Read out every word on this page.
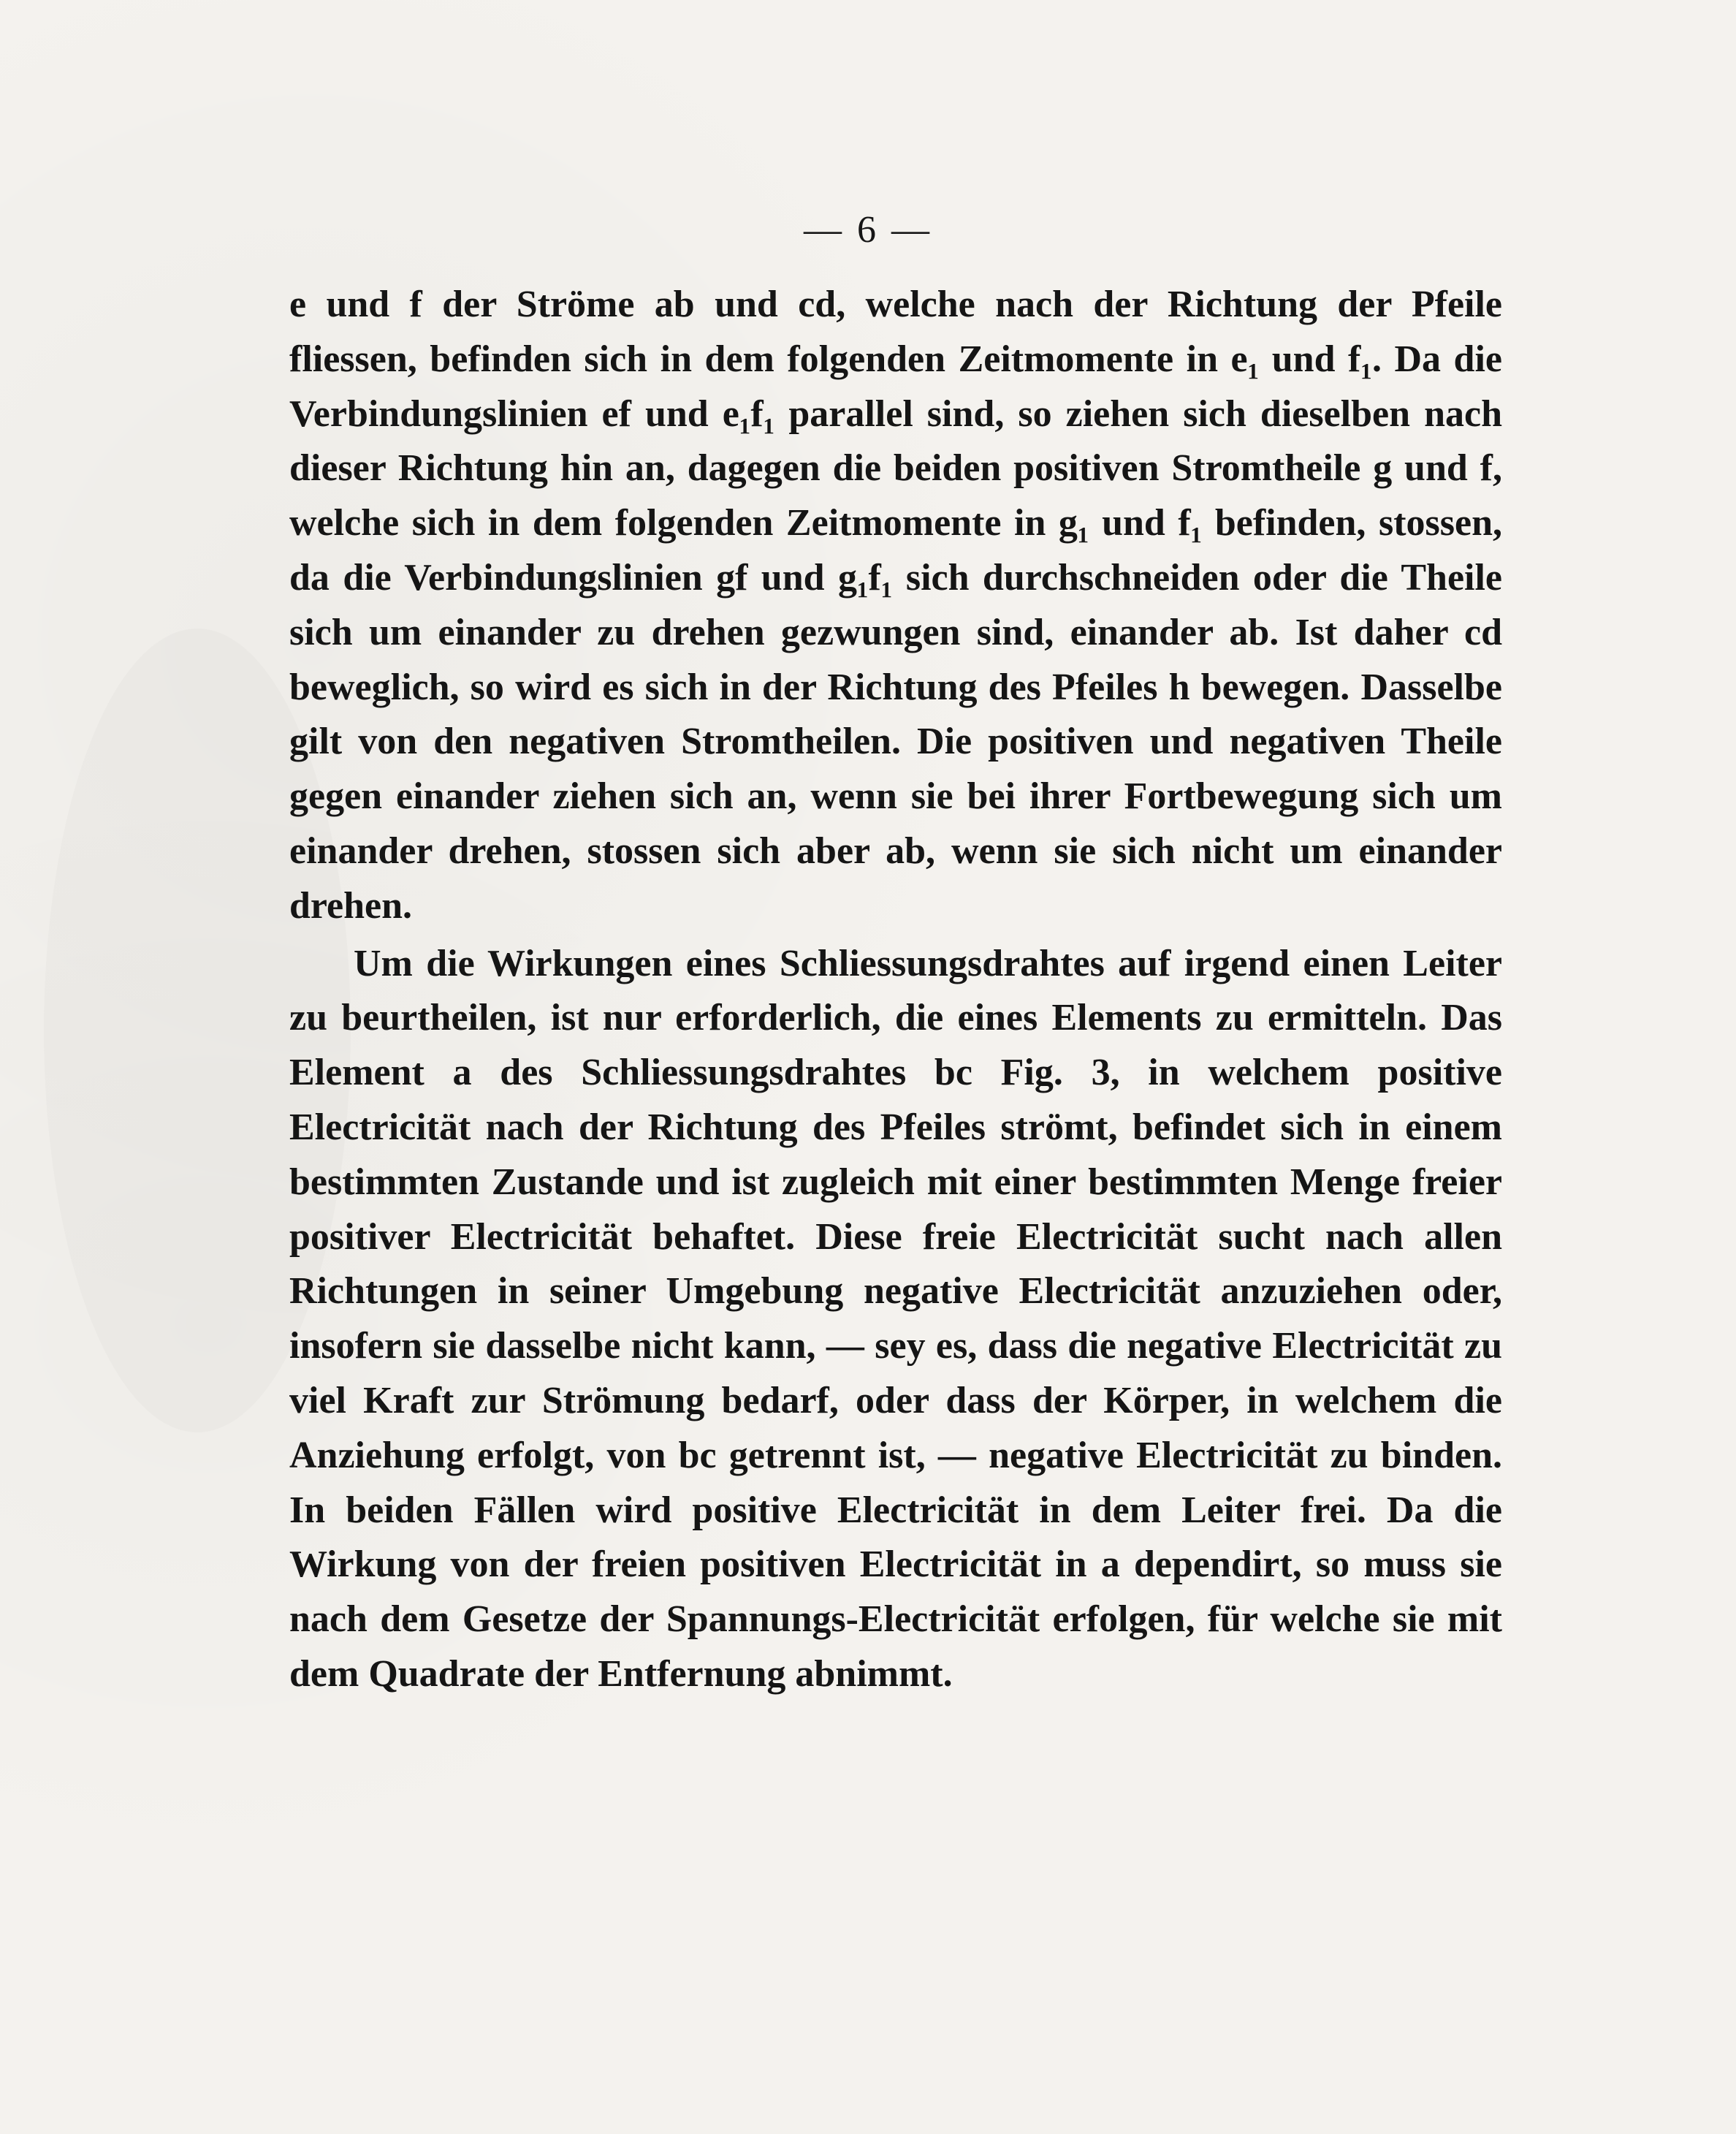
— 6 —

e und f der Ströme ab und cd, welche nach der Richtung der Pfeile fliessen, befinden sich in dem folgenden Zeitmomente in e₁ und f₁. Da die Verbindungslinien ef und e₁f₁ parallel sind, so ziehen sich dieselben nach dieser Richtung hin an, dagegen die beiden positiven Stromtheile g und f, welche sich in dem folgenden Zeitmomente in g₁ und f₁ befinden, stossen, da die Verbindungslinien gf und g₁f₁ sich durchschneiden oder die Theile sich um einander zu drehen gezwungen sind, einander ab. Ist daher cd beweglich, so wird es sich in der Richtung des Pfeiles h bewegen. Dasselbe gilt von den negativen Stromtheilen. Die positiven und negativen Theile gegen einander ziehen sich an, wenn sie bei ihrer Fortbewegung sich um einander drehen, stossen sich aber ab, wenn sie sich nicht um einander drehen.

Um die Wirkungen eines Schliessungsdrahtes auf irgend einen Leiter zu beurtheilen, ist nur erforderlich, die eines Elements zu ermitteln. Das Element a des Schliessungsdrahtes bc Fig. 3, in welchem positive Electricität nach der Richtung des Pfeiles strömt, befindet sich in einem bestimmten Zustande und ist zugleich mit einer bestimmten Menge freier positiver Electricität behaftet. Diese freie Electricität sucht nach allen Richtungen in seiner Umgebung negative Electricität anzuziehen oder, insofern sie dasselbe nicht kann, — sey es, dass die negative Electricität zu viel Kraft zur Strömung bedarf, oder dass der Körper, in welchem die Anziehung erfolgt, von bc getrennt ist, — negative Electricität zu binden. In beiden Fällen wird positive Electricität in dem Leiter frei. Da die Wirkung von der freien positiven Electricität in a dependirt, so muss sie nach dem Gesetze der Spannungs-Electricität erfolgen, für welche sie mit dem Quadrate der Entfernung abnimmt.
